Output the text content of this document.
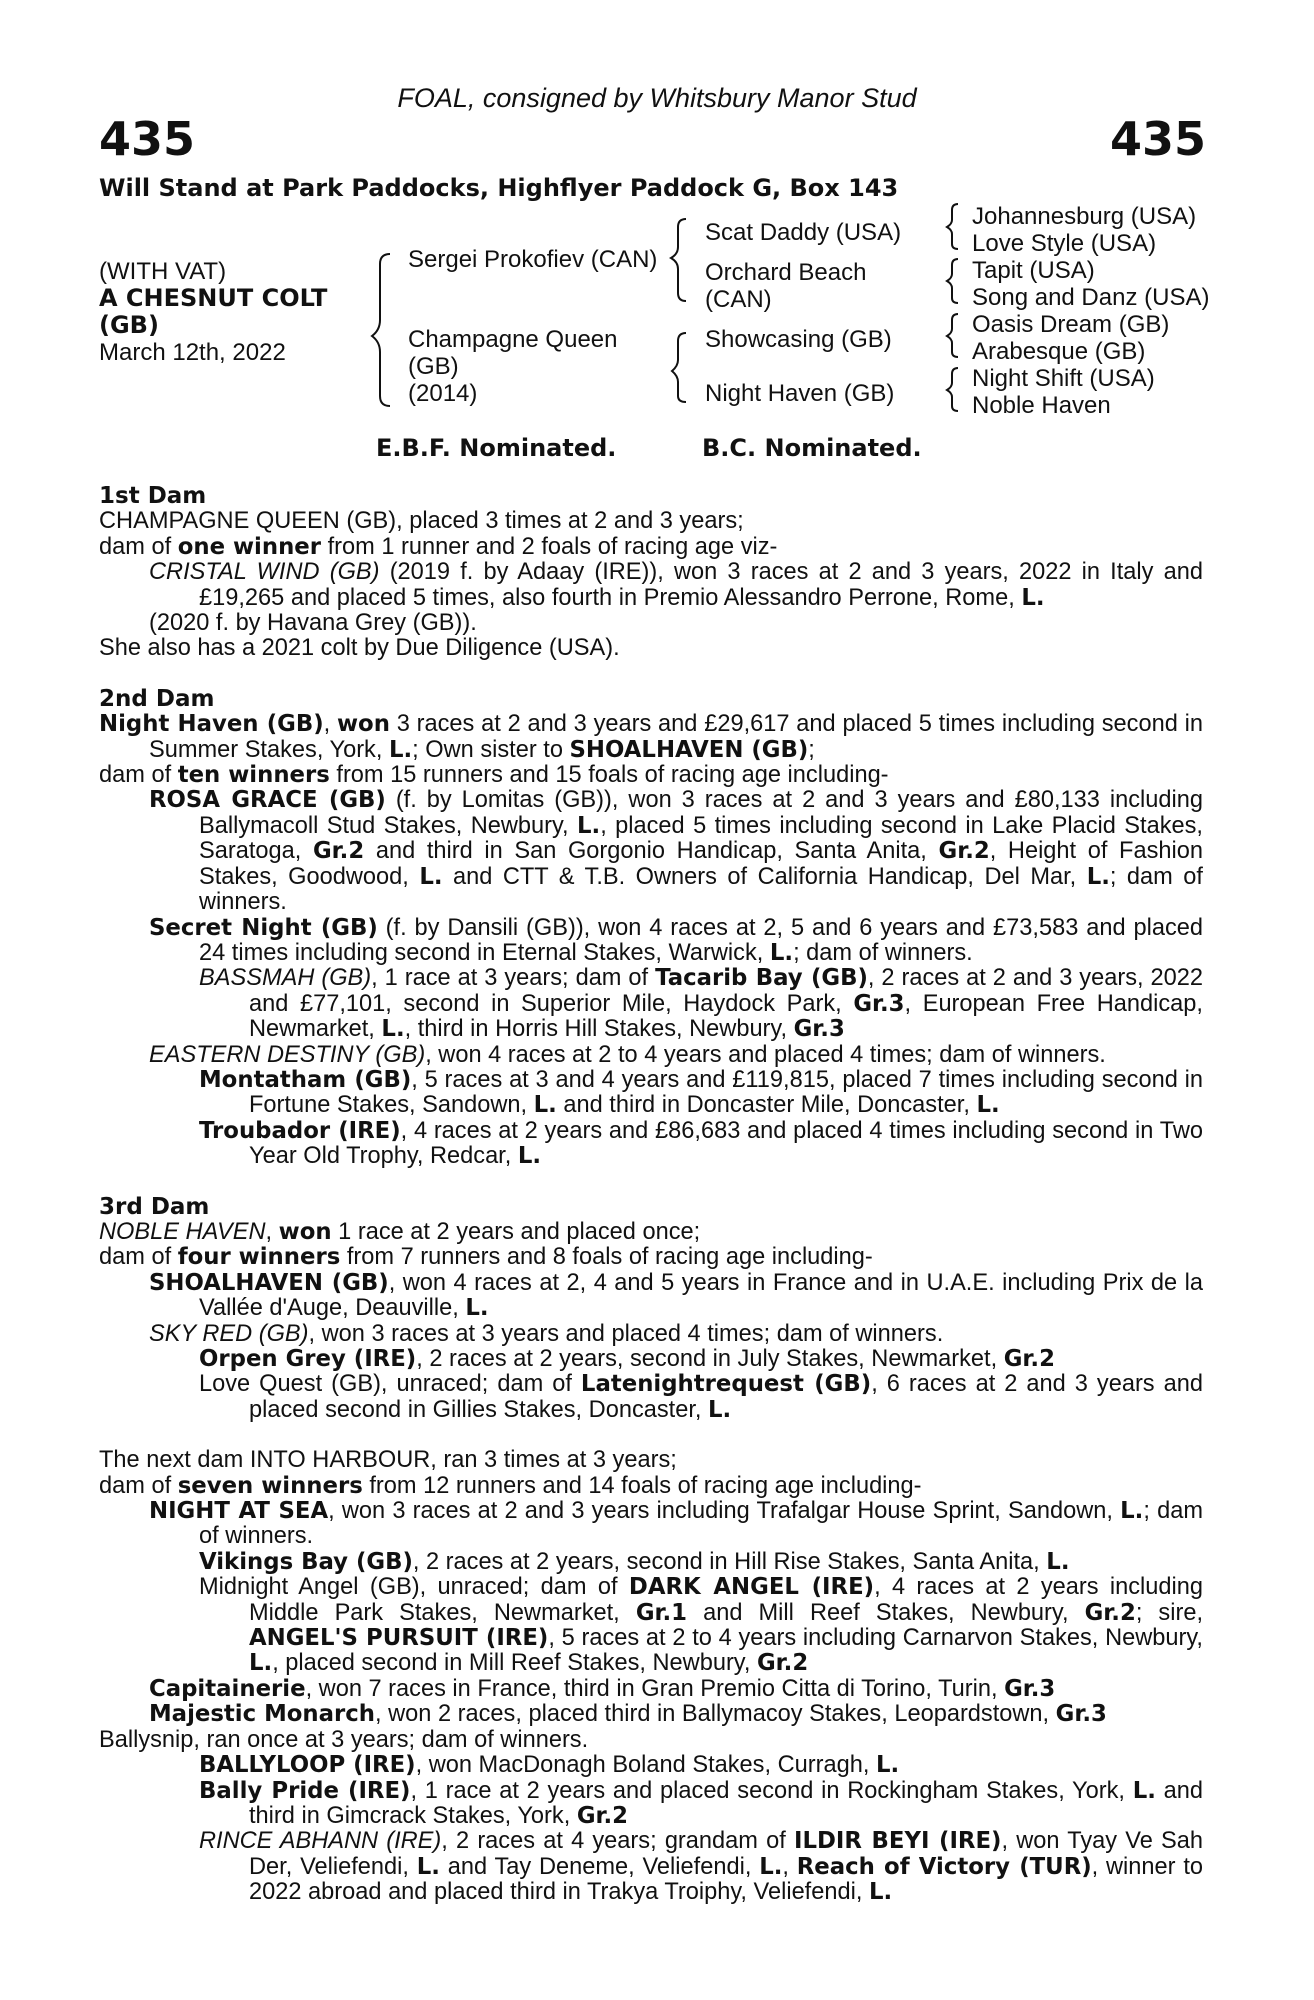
FOAL, consigned by Whitsbury Manor Stud
435	435
Will Stand at Park Paddocks, Highflyer Paddock G, Box 143
(WITH VAT)
A CHESNUT COLT
(GB)
March 12th, 2022
Sergei Prokofiev (CAN)
Champagne Queen
(GB)
(2014)
Scat Daddy (USA)
Orchard Beach
(CAN)
Showcasing (GB)
Night Haven (GB)
Johannesburg (USA)
Love Style (USA)
Tapit (USA)
Song and Danz (USA)
Oasis Dream (GB)
Arabesque (GB)
Night Shift (USA)
Noble Haven
E.B.F. Nominated.	B.C. Nominated.

1st Dam

CHAMPAGNE QUEEN (GB), placed 3 times at 2 and 3 years;

dam of one winner from 1 runner and 2 foals of racing age viz-

CRISTAL WIND (GB) (2019 f. by Adaay (IRE)), won 3 races at 2 and 3 years, 2022 in Italy and £19,265 and placed 5 times, also fourth in Premio Alessandro Perrone, Rome, L.

(2020 f. by Havana Grey (GB)).

She also has a 2021 colt by Due Diligence (USA).

2nd Dam

Night Haven (GB), won 3 races at 2 and 3 years and £29,617 and placed 5 times including second in Summer Stakes, York, L.; Own sister to SHOALHAVEN (GB);

dam of ten winners from 15 runners and 15 foals of racing age including-

ROSA GRACE (GB) (f. by Lomitas (GB)), won 3 races at 2 and 3 years and £80,133 including Ballymacoll Stud Stakes, Newbury, L., placed 5 times including second in Lake Placid Stakes, Saratoga, Gr.2 and third in San Gorgonio Handicap, Santa Anita, Gr.2, Height of Fashion Stakes, Goodwood, L. and CTT & T.B. Owners of California Handicap, Del Mar, L.; dam of winners.

Secret Night (GB) (f. by Dansili (GB)), won 4 races at 2, 5 and 6 years and £73,583 and placed 24 times including second in Eternal Stakes, Warwick, L.; dam of winners.

BASSMAH (GB), 1 race at 3 years; dam of Tacarib Bay (GB), 2 races at 2 and 3 years, 2022 and £77,101, second in Superior Mile, Haydock Park, Gr.3, European Free Handicap, Newmarket, L., third in Horris Hill Stakes, Newbury, Gr.3

EASTERN DESTINY (GB), won 4 races at 2 to 4 years and placed 4 times; dam of winners.

Montatham (GB), 5 races at 3 and 4 years and £119,815, placed 7 times including second in Fortune Stakes, Sandown, L. and third in Doncaster Mile, Doncaster, L.

Troubador (IRE), 4 races at 2 years and £86,683 and placed 4 times including second in Two Year Old Trophy, Redcar, L.

3rd Dam

NOBLE HAVEN, won 1 race at 2 years and placed once;

dam of four winners from 7 runners and 8 foals of racing age including-

SHOALHAVEN (GB), won 4 races at 2, 4 and 5 years in France and in U.A.E. including Prix de la Vallée d'Auge, Deauville, L.

SKY RED (GB), won 3 races at 3 years and placed 4 times; dam of winners.

Orpen Grey (IRE), 2 races at 2 years, second in July Stakes, Newmarket, Gr.2

Love Quest (GB), unraced; dam of Latenightrequest (GB), 6 races at 2 and 3 years and placed second in Gillies Stakes, Doncaster, L.

The next dam INTO HARBOUR, ran 3 times at 3 years;

dam of seven winners from 12 runners and 14 foals of racing age including-

NIGHT AT SEA, won 3 races at 2 and 3 years including Trafalgar House Sprint, Sandown, L.; dam of winners.

Vikings Bay (GB), 2 races at 2 years, second in Hill Rise Stakes, Santa Anita, L.

Midnight Angel (GB), unraced; dam of DARK ANGEL (IRE), 4 races at 2 years including Middle Park Stakes, Newmarket, Gr.1 and Mill Reef Stakes, Newbury, Gr.2; sire, ANGEL'S PURSUIT (IRE), 5 races at 2 to 4 years including Carnarvon Stakes, Newbury, L., placed second in Mill Reef Stakes, Newbury, Gr.2

Capitainerie, won 7 races in France, third in Gran Premio Citta di Torino, Turin, Gr.3

Majestic Monarch, won 2 races, placed third in Ballymacoy Stakes, Leopardstown, Gr.3

Ballysnip, ran once at 3 years; dam of winners.

BALLYLOOP (IRE), won MacDonagh Boland Stakes, Curragh, L.

Bally Pride (IRE), 1 race at 2 years and placed second in Rockingham Stakes, York, L. and third in Gimcrack Stakes, York, Gr.2

RINCE ABHANN (IRE), 2 races at 4 years; grandam of ILDIR BEYI (IRE), won Tyay Ve Sah Der, Veliefendi, L. and Tay Deneme, Veliefendi, L., Reach of Victory (TUR), winner to 2022 abroad and placed third in Trakya Troiphy, Veliefendi, L.
